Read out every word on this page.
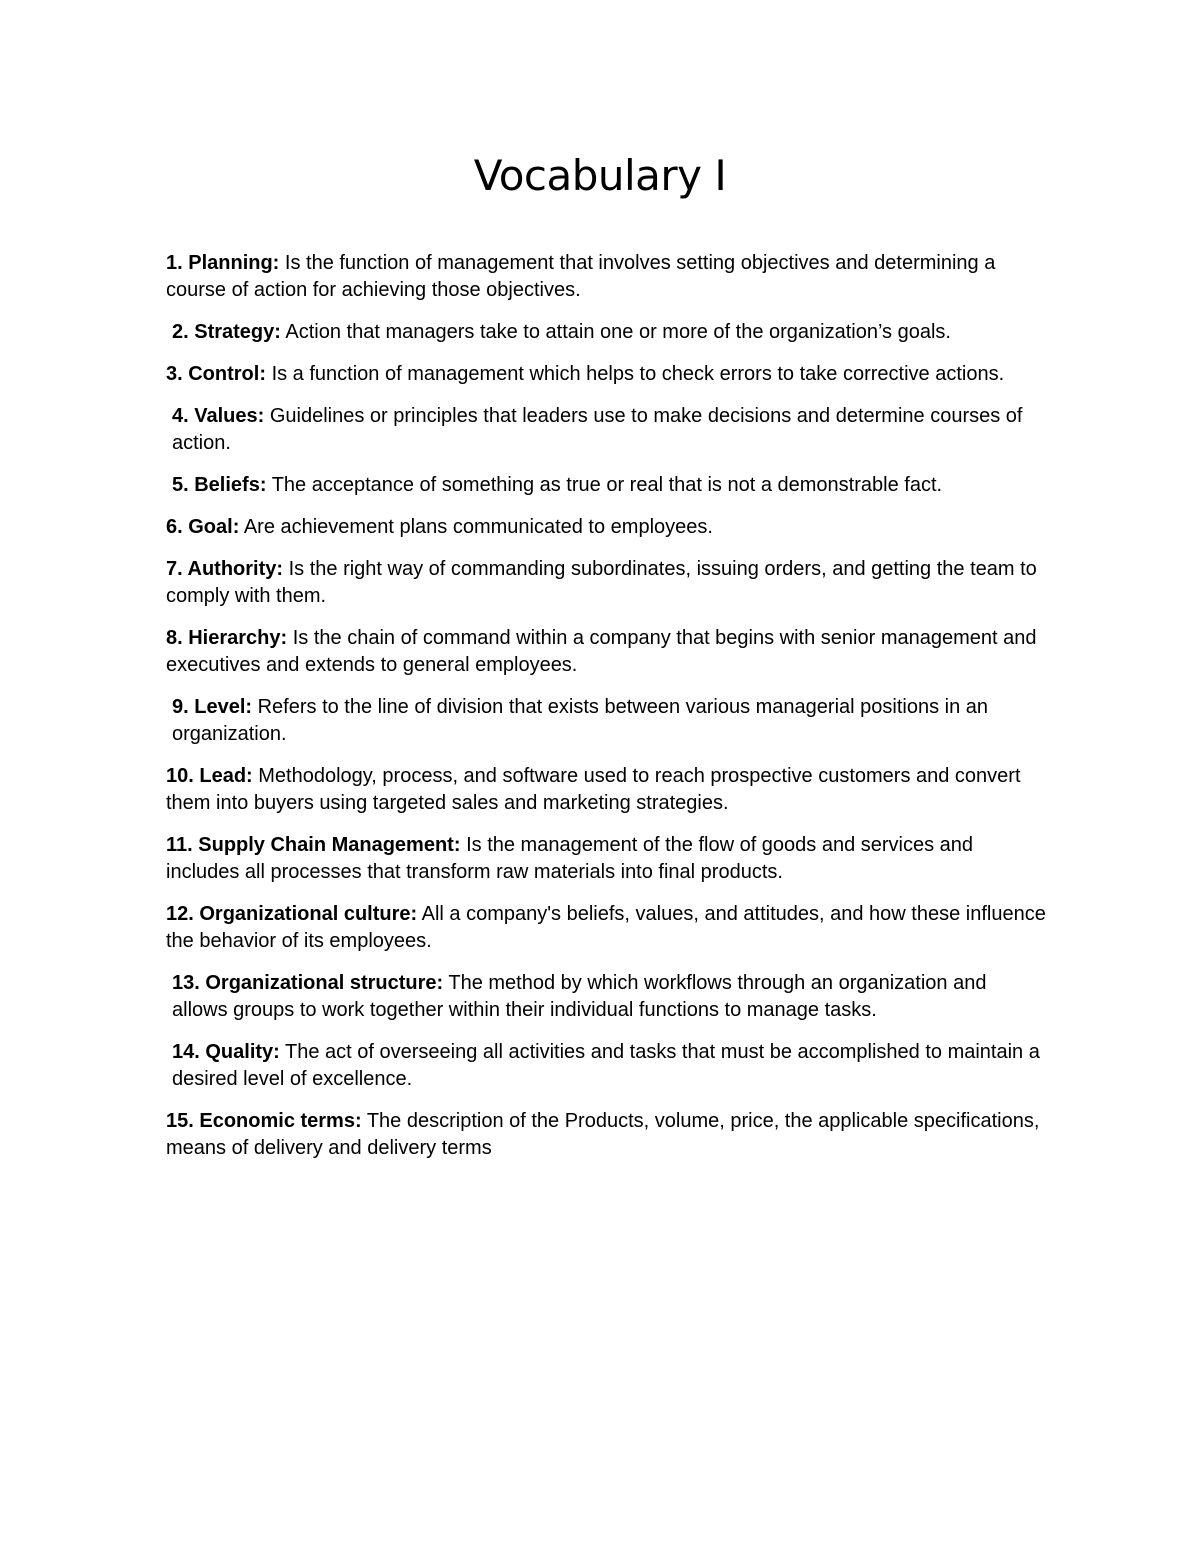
Vocabulary I
1. Planning: Is the function of management that involves setting objectives and determining a course of action for achieving those objectives.
2. Strategy: Action that managers take to attain one or more of the organization’s goals.
3. Control: Is a function of management which helps to check errors to take corrective actions.
4. Values: Guidelines or principles that leaders use to make decisions and determine courses of action.
5. Beliefs: The acceptance of something as true or real that is not a demonstrable fact.
6. Goal: Are achievement plans communicated to employees.
7. Authority: Is the right way of commanding subordinates, issuing orders, and getting the team to comply with them.
8. Hierarchy: Is the chain of command within a company that begins with senior management and executives and extends to general employees.
9. Level: Refers to the line of division that exists between various managerial positions in an organization.
10. Lead: Methodology, process, and software used to reach prospective customers and convert them into buyers using targeted sales and marketing strategies.
11. Supply Chain Management: Is the management of the flow of goods and services and includes all processes that transform raw materials into final products.
12. Organizational culture: All a company's beliefs, values, and attitudes, and how these influence the behavior of its employees.
13. Organizational structure: The method by which workflows through an organization and allows groups to work together within their individual functions to manage tasks.
14. Quality: The act of overseeing all activities and tasks that must be accomplished to maintain a desired level of excellence.
15. Economic terms: The description of the Products, volume, price, the applicable specifications, means of delivery and delivery terms
